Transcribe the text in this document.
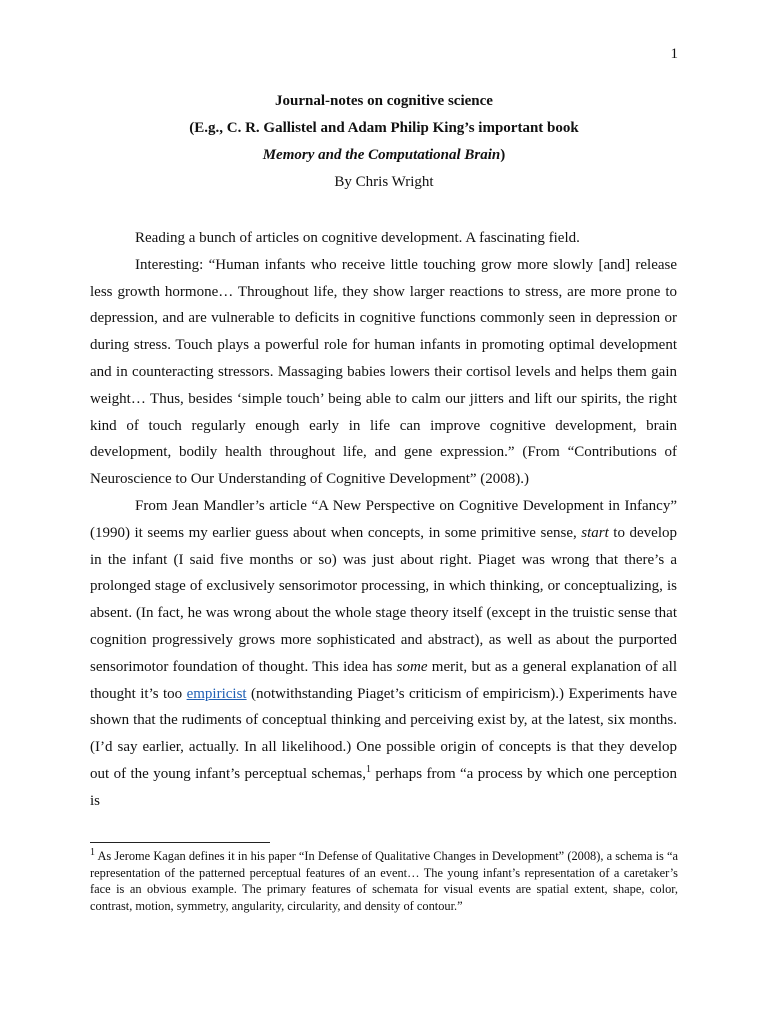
1
Journal-notes on cognitive science
(E.g., C. R. Gallistel and Adam Philip King’s important book
Memory and the Computational Brain)
By Chris Wright

Reading a bunch of articles on cognitive development. A fascinating field.

Interesting: “Human infants who receive little touching grow more slowly [and] release less growth hormone… Throughout life, they show larger reactions to stress, are more prone to depression, and are vulnerable to deficits in cognitive functions commonly seen in depression or during stress. Touch plays a powerful role for human infants in promoting optimal development and in counteracting stressors. Massaging babies lowers their cortisol levels and helps them gain weight… Thus, besides ‘simple touch’ being able to calm our jitters and lift our spirits, the right kind of touch regularly enough early in life can improve cognitive development, brain development, bodily health throughout life, and gene expression.” (From “Contributions of Neuroscience to Our Understanding of Cognitive Development” (2008).)

From Jean Mandler’s article “A New Perspective on Cognitive Development in Infancy” (1990) it seems my earlier guess about when concepts, in some primitive sense, start to develop in the infant (I said five months or so) was just about right. Piaget was wrong that there’s a prolonged stage of exclusively sensorimotor processing, in which thinking, or conceptualizing, is absent. (In fact, he was wrong about the whole stage theory itself (except in the truistic sense that cognition progressively grows more sophisticated and abstract), as well as about the purported sensorimotor foundation of thought. This idea has some merit, but as a general explanation of all thought it’s too empiricist (notwithstanding Piaget’s criticism of empiricism).) Experiments have shown that the rudiments of conceptual thinking and perceiving exist by, at the latest, six months. (I’d say earlier, actually. In all likelihood.) One possible origin of concepts is that they develop out of the young infant’s perceptual schemas,$^1$ perhaps from “a process by which one perception is

$^1$ As Jerome Kagan defines it in his paper “In Defense of Qualitative Changes in Development” (2008), a schema is “a representation of the patterned perceptual features of an event… The young infant’s representation of a caretaker’s face is an obvious example. The primary features of schemata for visual events are spatial extent, shape, color, contrast, motion, symmetry, angularity, circularity, and density of contour.”
